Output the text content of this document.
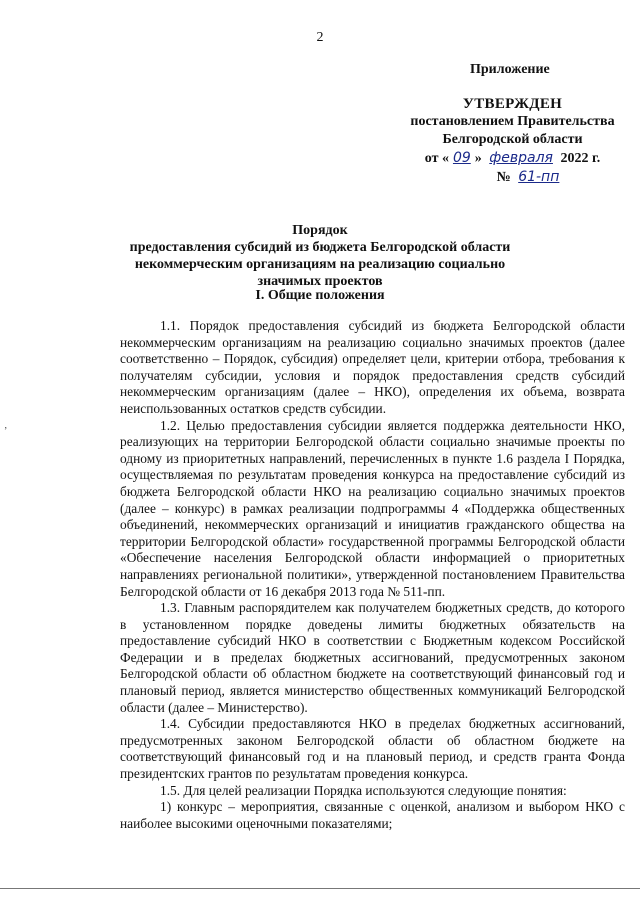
2
Приложение
УТВЕРЖДЕН
постановлением Правительства
Белгородской области
от « 09 » февраля 2022 г.
№ 61-пп
Порядок
предоставления субсидий из бюджета Белгородской области некоммерческим организациям на реализацию социально значимых проектов
I. Общие положения
ʼ

1.1. Порядок предоставления субсидий из бюджета Белгородской области некоммерческим организациям на реализацию социально значимых проектов (далее соответственно – Порядок, субсидия) определяет цели, критерии отбора, требования к получателям субсидии, условия и порядок предоставления средств субсидий некоммерческим организациям (далее – НКО), определения их объема, возврата неиспользованных остатков средств субсидии.

1.2. Целью предоставления субсидии является поддержка деятельности НКО, реализующих на территории Белгородской области социально значимые проекты по одному из приоритетных направлений, перечисленных в пункте 1.6 раздела I Порядка, осуществляемая по результатам проведения конкурса на предоставление субсидий из бюджета Белгородской области НКО на реализацию социально значимых проектов (далее – конкурс) в рамках реализации подпрограммы 4 «Поддержка общественных объединений, некоммерческих организаций и инициатив гражданского общества на территории Белгородской области» государственной программы Белгородской области «Обеспечение населения Белгородской области информацией о приоритетных направлениях региональной политики», утвержденной постановлением Правительства Белгородской области от 16 декабря 2013 года № 511-пп.

1.3. Главным распорядителем как получателем бюджетных средств, до которого в установленном порядке доведены лимиты бюджетных обязательств на предоставление субсидий НКО в соответствии с Бюджетным кодексом Российской Федерации и в пределах бюджетных ассигнований, предусмотренных законом Белгородской области об областном бюджете на соответствующий финансовый год и плановый период, является министерство общественных коммуникаций Белгородской области (далее – Министерство).

1.4. Субсидии предоставляются НКО в пределах бюджетных ассигнований, предусмотренных законом Белгородской области об областном бюджете на соответствующий финансовый год и на плановый период, и средств гранта Фонда президентских грантов по результатам проведения конкурса.

1.5. Для целей реализации Порядка используются следующие понятия:

1) конкурс – мероприятия, связанные с оценкой, анализом и выбором НКО с наиболее высокими оценочными показателями;
